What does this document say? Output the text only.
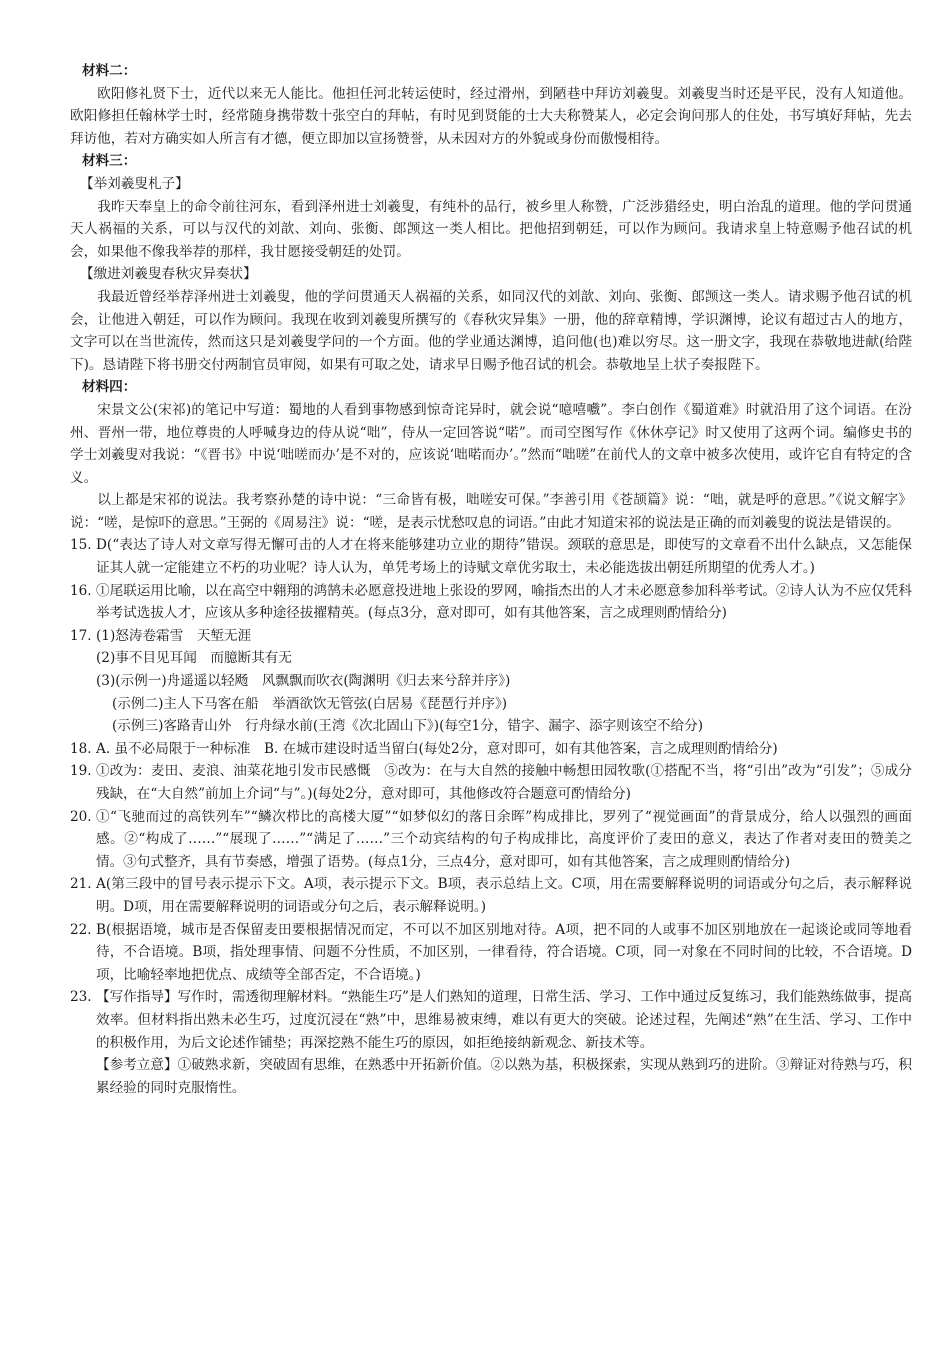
材料二：

欧阳修礼贤下士，近代以来无人能比。他担任河北转运使时，经过滑州，到陋巷中拜访刘羲叟。刘羲叟当时还是平民，没有人知道他。欧阳修担任翰林学士时，经常随身携带数十张空白的拜帖，有时见到贤能的士大夫称赞某人，必定会询问那人的住处，书写填好拜帖，先去拜访他，若对方确实如人所言有才德，便立即加以宣扬赞誉，从未因对方的外貌或身份而傲慢相待。

材料三：

【举刘羲叟札子】

我昨天奉皇上的命令前往河东，看到泽州进士刘羲叟，有纯朴的品行，被乡里人称赞，广泛涉猎经史，明白治乱的道理。他的学问贯通天人祸福的关系，可以与汉代的刘歆、刘向、张衡、郎𫖮这一类人相比。把他招到朝廷，可以作为顾问。我请求皇上特意赐予他召试的机会，如果他不像我举荐的那样，我甘愿接受朝廷的处罚。

【缴进刘羲叟春秋灾异奏状】

我最近曾经举荐泽州进士刘羲叟，他的学问贯通天人祸福的关系，如同汉代的刘歆、刘向、张衡、郎𫖮这一类人。请求赐予他召试的机会，让他进入朝廷，可以作为顾问。我现在收到刘羲叟所撰写的《春秋灾异集》一册，他的辞章精博，学识渊博，论议有超过古人的地方，文字可以在当世流传，然而这只是刘羲叟学问的一个方面。他的学业通达渊博，追问他(也)难以穷尽。这一册文字，我现在恭敬地进献(给陛下)。恳请陛下将书册交付两制官员审阅，如果有可取之处，请求早日赐予他召试的机会。恭敬地呈上状子奏报陛下。

材料四：

宋景文公(宋祁)的笔记中写道：蜀地的人看到事物感到惊奇诧异时，就会说“噫嘻嚱”。李白创作《蜀道难》时就沿用了这个词语。在汾州、晋州一带，地位尊贵的人呼喊身边的侍从说“咄”，侍从一定回答说“喏”。而司空图写作《休休亭记》时又使用了这两个词。编修史书的学士刘羲叟对我说：“《晋书》中说‘咄嗟而办’是不对的，应该说‘咄喏而办’。”然而“咄嗟”在前代人的文章中被多次使用，或许它自有特定的含义。

以上都是宋祁的说法。我考察孙楚的诗中说：“三命皆有极，咄嗟安可保。”李善引用《苍颉篇》说：“咄，就是呼的意思。”《说文解字》说：“嗟，是惊吓的意思。”王弼的《周易注》说：“嗟，是表示忧愁叹息的词语。”由此才知道宋祁的说法是正确的而刘羲叟的说法是错误的。

15. D(“表达了诗人对文章写得无懈可击的人才在将来能够建功立业的期待”错误。颈联的意思是，即使写的文章看不出什么缺点，又怎能保证其人就一定能建立不朽的功业呢？诗人认为，单凭考场上的诗赋文章优劣取士，未必能选拔出朝廷所期望的优秀人才。)

16. ①尾联运用比喻，以在高空中翱翔的鸿鹄未必愿意投进地上张设的罗网，喻指杰出的人才未必愿意参加科举考试。②诗人认为不应仅凭科举考试选拔人才，应该从多种途径拔擢精英。(每点3分，意对即可，如有其他答案，言之成理则酌情给分)

17. (1)怒涛卷霜雪　天堑无涯

(2)事不目见耳闻　而臆断其有无

(3)(示例一)舟遥遥以轻飏　风飘飘而吹衣(陶渊明《归去来兮辞并序》)

(示例二)主人下马客在船　举酒欲饮无管弦(白居易《琵琶行并序》)

(示例三)客路青山外　行舟绿水前(王湾《次北固山下》)(每空1分，错字、漏字、添字则该空不给分)

18. A. 虽不必局限于一种标准　B. 在城市建设时适当留白(每处2分，意对即可，如有其他答案，言之成理则酌情给分)

19. ①改为：麦田、麦浪、油菜花地引发市民感慨　⑤改为：在与大自然的接触中畅想田园牧歌(①搭配不当，将“引出”改为“引发”；⑤成分残缺，在“大自然”前加上介词“与”。)(每处2分，意对即可，其他修改符合题意可酌情给分)

20. ①“飞驰而过的高铁列车”“鳞次栉比的高楼大厦”“如梦似幻的落日余晖”构成排比，罗列了“视觉画面”的背景成分，给人以强烈的画面感。②“构成了……”“展现了……”“满足了……”三个动宾结构的句子构成排比，高度评价了麦田的意义，表达了作者对麦田的赞美之情。③句式整齐，具有节奏感，增强了语势。(每点1分，三点4分，意对即可，如有其他答案，言之成理则酌情给分)

21. A(第三段中的冒号表示提示下文。A项，表示提示下文。B项，表示总结上文。C项，用在需要解释说明的词语或分句之后，表示解释说明。D项，用在需要解释说明的词语或分句之后，表示解释说明。)

22. B(根据语境，城市是否保留麦田要根据情况而定，不可以不加区别地对待。A项，把不同的人或事不加区别地放在一起谈论或同等地看待，不合语境。B项，指处理事情、问题不分性质，不加区别，一律看待，符合语境。C项，同一对象在不同时间的比较，不合语境。D项，比喻轻率地把优点、成绩等全部否定，不合语境。)

23. 【写作指导】写作时，需透彻理解材料。“熟能生巧”是人们熟知的道理，日常生活、学习、工作中通过反复练习，我们能熟练做事，提高效率。但材料指出熟未必生巧，过度沉浸在“熟”中，思维易被束缚，难以有更大的突破。论述过程，先阐述“熟”在生活、学习、工作中的积极作用，为后文论述作铺垫；再深挖熟不能生巧的原因，如拒绝接纳新观念、新技术等。

【参考立意】①破熟求新，突破固有思维，在熟悉中开拓新价值。②以熟为基，积极探索，实现从熟到巧的进阶。③辩证对待熟与巧，积累经验的同时克服惰性。
